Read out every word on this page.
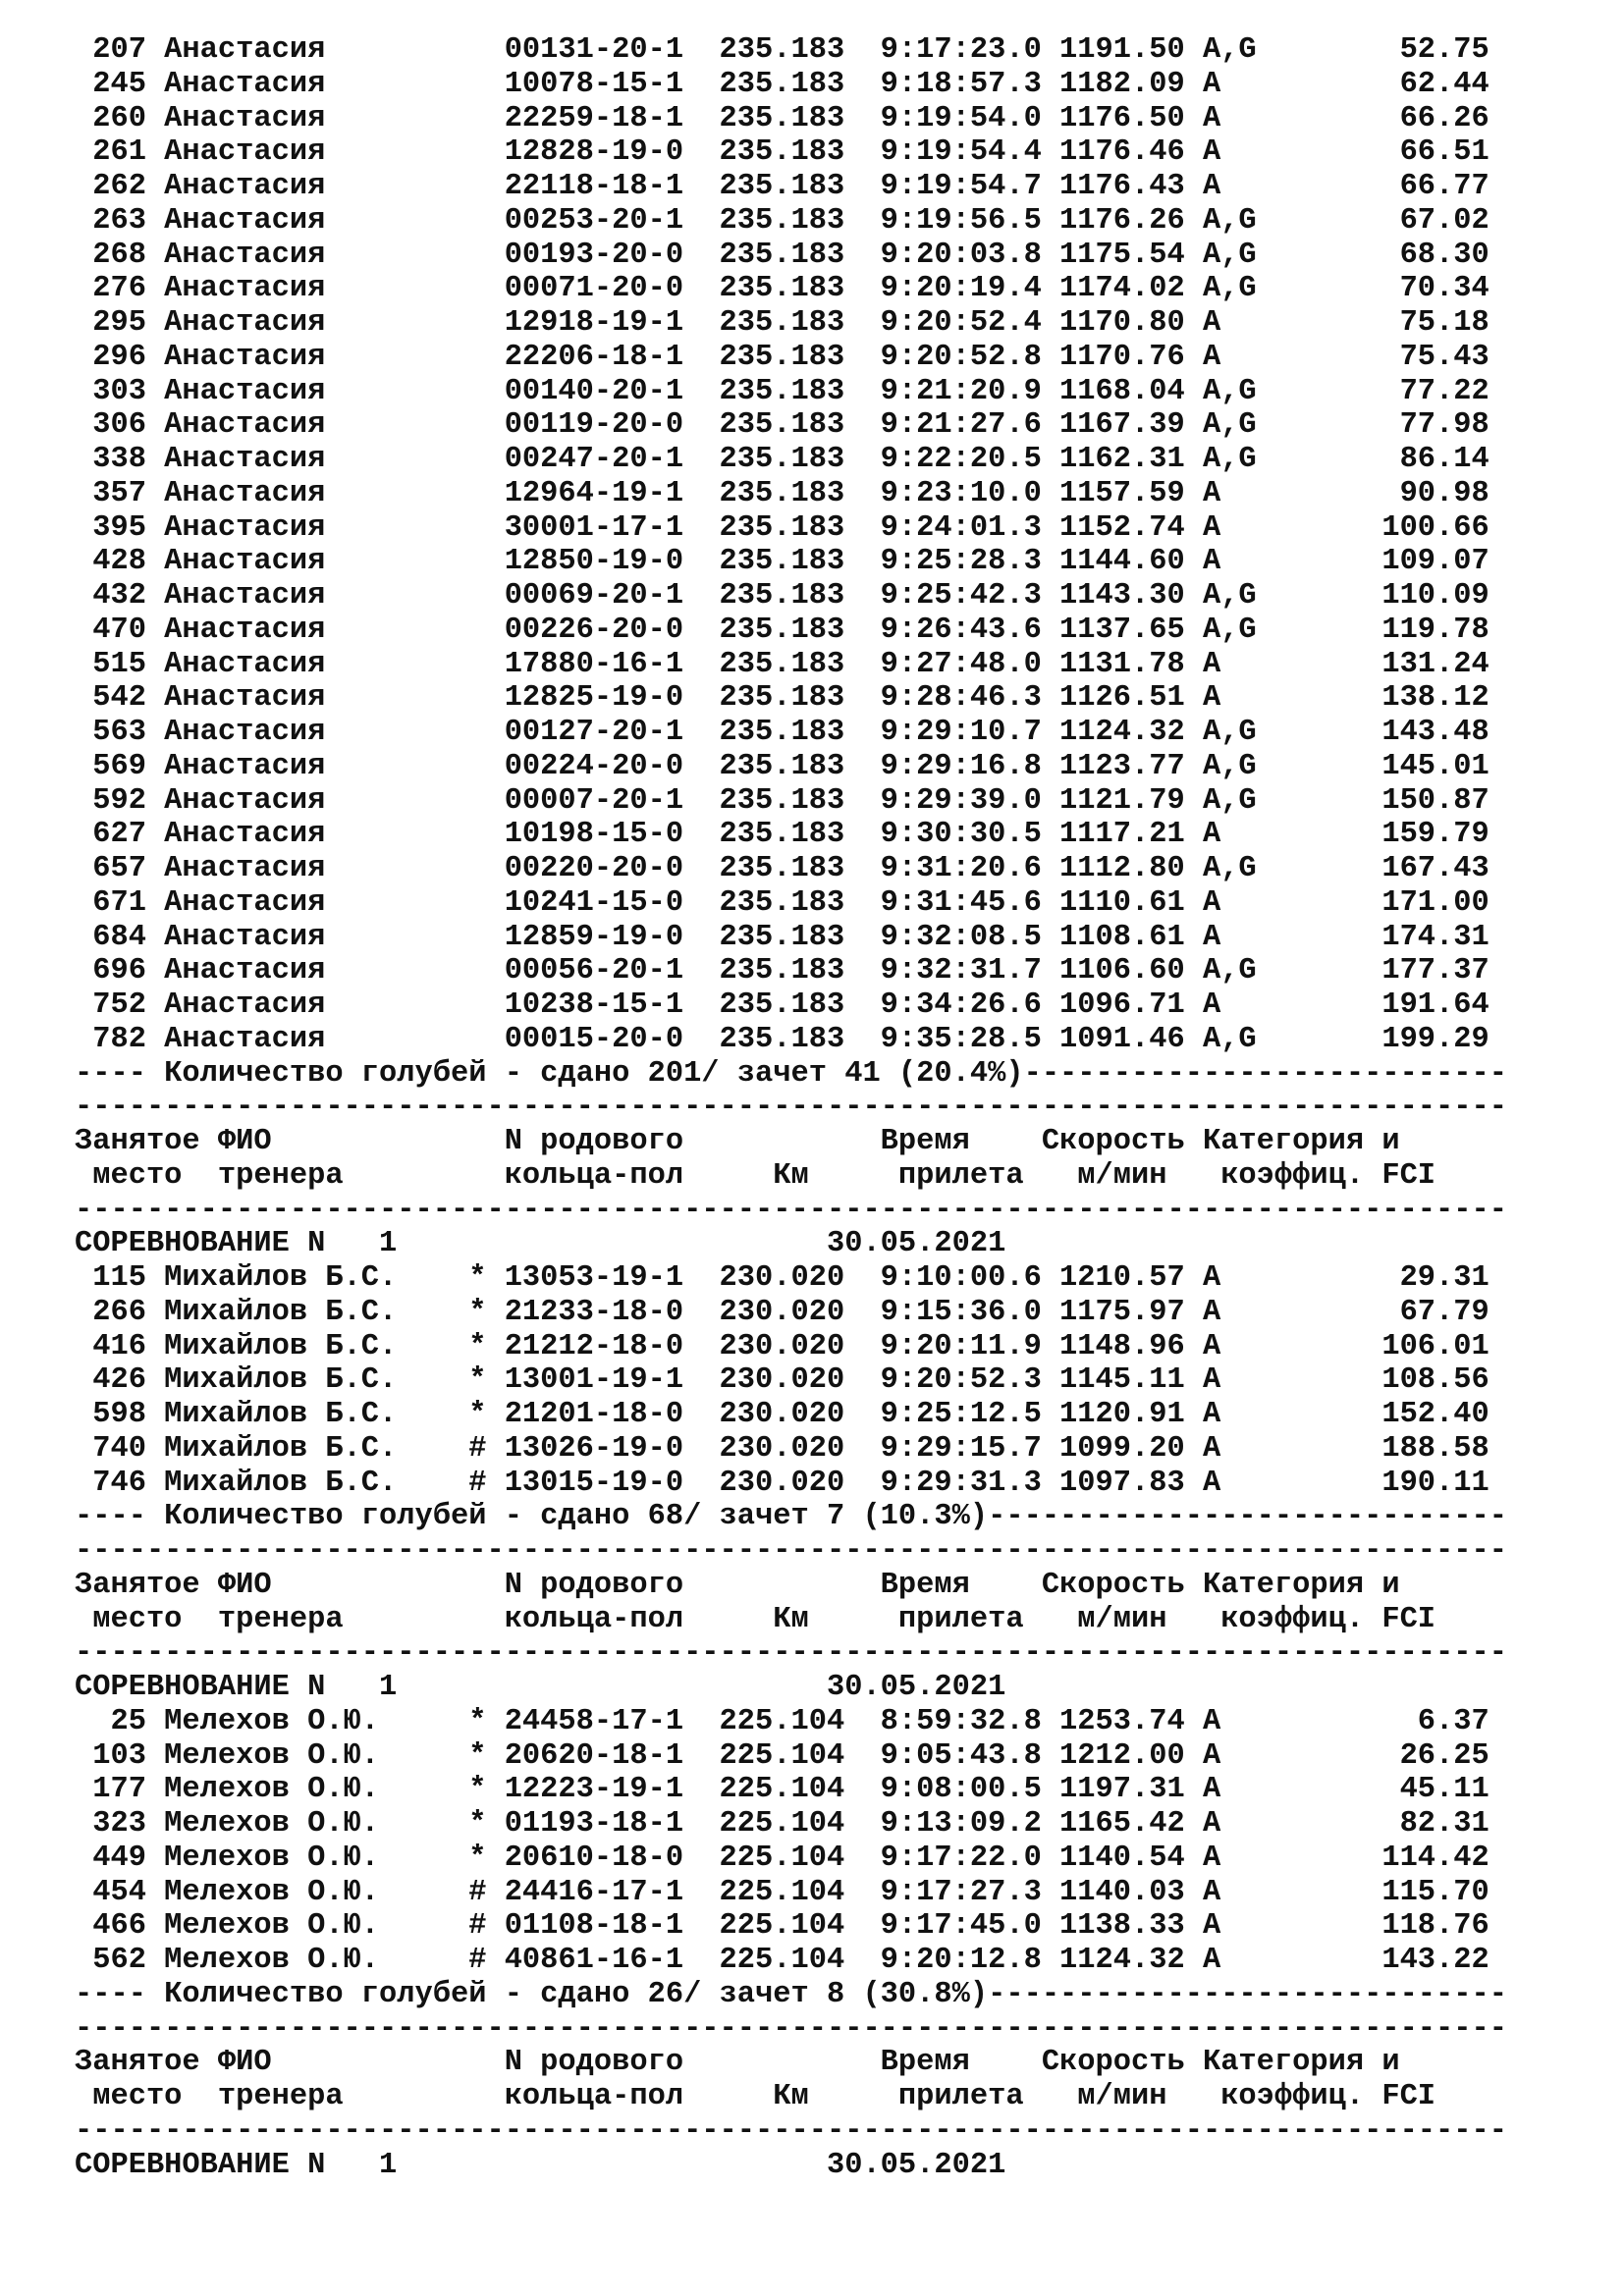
207 Анастасия          00131-20-1  235.183  9:17:23.0 1191.50 A,G        52.75
245 Анастасия          10078-15-1  235.183  9:18:57.3 1182.09 A          62.44
260 Анастасия          22259-18-1  235.183  9:19:54.0 1176.50 A          66.26
261 Анастасия          12828-19-0  235.183  9:19:54.4 1176.46 A          66.51
262 Анастасия          22118-18-1  235.183  9:19:54.7 1176.43 A          66.77
263 Анастасия          00253-20-1  235.183  9:19:56.5 1176.26 A,G        67.02
268 Анастасия          00193-20-0  235.183  9:20:03.8 1175.54 A,G        68.30
276 Анастасия          00071-20-0  235.183  9:20:19.4 1174.02 A,G        70.34
295 Анастасия          12918-19-1  235.183  9:20:52.4 1170.80 A          75.18
296 Анастасия          22206-18-1  235.183  9:20:52.8 1170.76 A          75.43
303 Анастасия          00140-20-1  235.183  9:21:20.9 1168.04 A,G        77.22
306 Анастасия          00119-20-0  235.183  9:21:27.6 1167.39 A,G        77.98
338 Анастасия          00247-20-1  235.183  9:22:20.5 1162.31 A,G        86.14
357 Анастасия          12964-19-1  235.183  9:23:10.0 1157.59 A          90.98
395 Анастасия          30001-17-1  235.183  9:24:01.3 1152.74 A         100.66
428 Анастасия          12850-19-0  235.183  9:25:28.3 1144.60 A         109.07
432 Анастасия          00069-20-1  235.183  9:25:42.3 1143.30 A,G       110.09
470 Анастасия          00226-20-0  235.183  9:26:43.6 1137.65 A,G       119.78
515 Анастасия          17880-16-1  235.183  9:27:48.0 1131.78 A         131.24
542 Анастасия          12825-19-0  235.183  9:28:46.3 1126.51 A         138.12
563 Анастасия          00127-20-1  235.183  9:29:10.7 1124.32 A,G       143.48
569 Анастасия          00224-20-0  235.183  9:29:16.8 1123.77 A,G       145.01
592 Анастасия          00007-20-1  235.183  9:29:39.0 1121.79 A,G       150.87
627 Анастасия          10198-15-0  235.183  9:30:30.5 1117.21 A         159.79
657 Анастасия          00220-20-0  235.183  9:31:20.6 1112.80 A,G       167.43
671 Анастасия          10241-15-0  235.183  9:31:45.6 1110.61 A         171.00
684 Анастасия          12859-19-0  235.183  9:32:08.5 1108.61 A         174.31
696 Анастасия          00056-20-1  235.183  9:32:31.7 1106.60 A,G       177.37
752 Анастасия          10238-15-1  235.183  9:34:26.6 1096.71 A         191.64
782 Анастасия          00015-20-0  235.183  9:35:28.5 1091.46 A,G       199.29
---- Количество голубей - сдано 201/ зачет 41 (20.4%)---------------------------
--------------------------------------------------------------------------------
Занятое ФИО             N родового           Время    Скорость Категория и
место  тренера         кольца-пол     Км     прилета   м/мин   коэффиц. FCI
--------------------------------------------------------------------------------
СОРЕВНОВАНИЕ N   1                        30.05.2021
115 Михайлов Б.С.    * 13053-19-1  230.020  9:10:00.6 1210.57 A          29.31
266 Михайлов Б.С.    * 21233-18-0  230.020  9:15:36.0 1175.97 A          67.79
416 Михайлов Б.С.    * 21212-18-0  230.020  9:20:11.9 1148.96 A         106.01
426 Михайлов Б.С.    * 13001-19-1  230.020  9:20:52.3 1145.11 A         108.56
598 Михайлов Б.С.    * 21201-18-0  230.020  9:25:12.5 1120.91 A         152.40
740 Михайлов Б.С.    # 13026-19-0  230.020  9:29:15.7 1099.20 A         188.58
746 Михайлов Б.С.    # 13015-19-0  230.020  9:29:31.3 1097.83 A         190.11
---- Количество голубей - сдано 68/ зачет 7 (10.3%)-----------------------------
--------------------------------------------------------------------------------
Занятое ФИО             N родового           Время    Скорость Категория и
место  тренера         кольца-пол     Км     прилета   м/мин   коэффиц. FCI
--------------------------------------------------------------------------------
СОРЕВНОВАНИЕ N   1                        30.05.2021
25 Мелехов О.Ю.     * 24458-17-1  225.104  8:59:32.8 1253.74 A           6.37
103 Мелехов О.Ю.     * 20620-18-1  225.104  9:05:43.8 1212.00 A          26.25
177 Мелехов О.Ю.     * 12223-19-1  225.104  9:08:00.5 1197.31 A          45.11
323 Мелехов О.Ю.     * 01193-18-1  225.104  9:13:09.2 1165.42 A          82.31
449 Мелехов О.Ю.     * 20610-18-0  225.104  9:17:22.0 1140.54 A         114.42
454 Мелехов О.Ю.     # 24416-17-1  225.104  9:17:27.3 1140.03 A         115.70
466 Мелехов О.Ю.     # 01108-18-1  225.104  9:17:45.0 1138.33 A         118.76
562 Мелехов О.Ю.     # 40861-16-1  225.104  9:20:12.8 1124.32 A         143.22
---- Количество голубей - сдано 26/ зачет 8 (30.8%)-----------------------------
--------------------------------------------------------------------------------
Занятое ФИО             N родового           Время    Скорость Категория и
место  тренера         кольца-пол     Км     прилета   м/мин   коэффиц. FCI
--------------------------------------------------------------------------------
СОРЕВНОВАНИЕ N   1                        30.05.2021
